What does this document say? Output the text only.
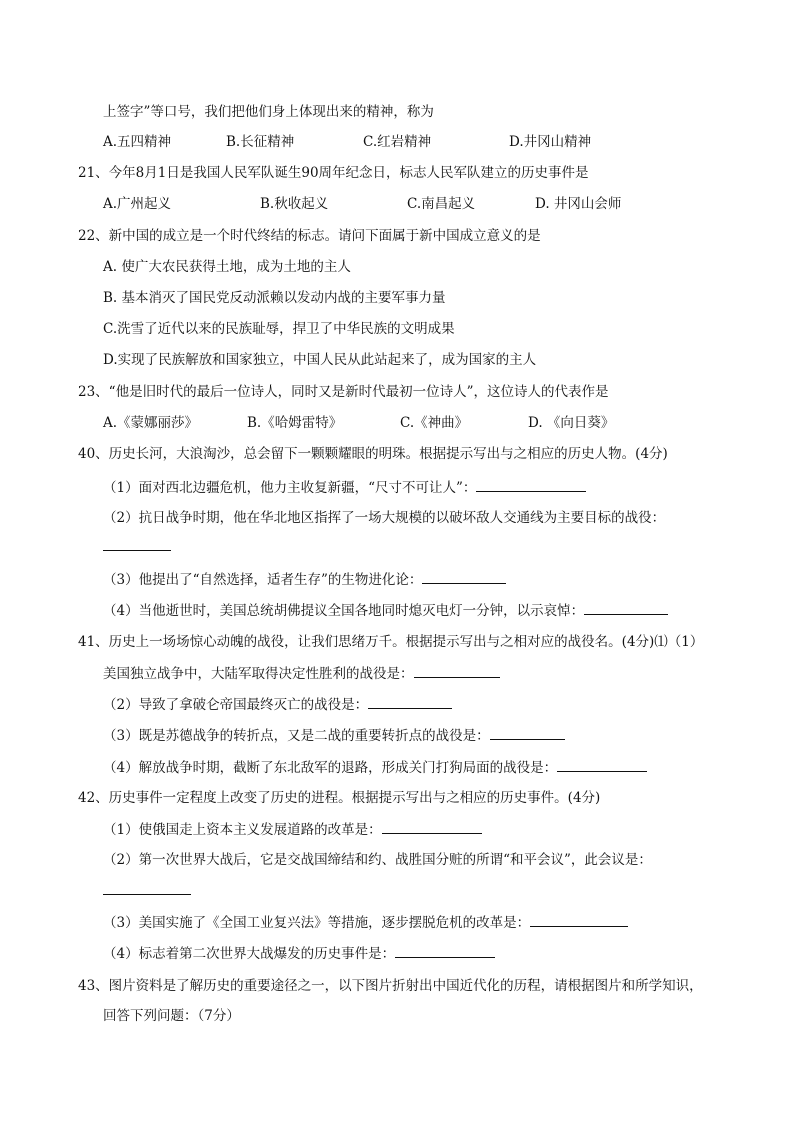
上签字”等口号，我们把他们身上体现出来的精神，称为
A.五四精神	B.长征精神	C.红岩精神	D.井冈山精神
21、今年8月1日是我国人民军队诞生90周年纪念日，标志人民军队建立的历史事件是
A.广州起义	B.秋收起义	C.南昌起义	D. 井冈山会师
22、新中国的成立是一个时代终结的标志。请问下面属于新中国成立意义的是
A. 使广大农民获得土地，成为土地的主人
B. 基本消灭了国民党反动派赖以发动内战的主要军事力量
C.洗雪了近代以来的民族耻辱，捍卫了中华民族的文明成果
D.实现了民族解放和国家独立，中国人民从此站起来了，成为国家的主人
23、“他是旧时代的最后一位诗人，同时又是新时代最初一位诗人”，这位诗人的代表作是
A.《蒙娜丽莎》	B.《哈姆雷特》	C.《神曲》	D. 《向日葵》
40、历史长河，大浪淘沙，总会留下一颗颗耀眼的明珠。根据提示写出与之相应的历史人物。(4分)
（1）面对西北边疆危机，他力主收复新疆，“尺寸不可让人”：
（2）抗日战争时期，他在华北地区指挥了一场大规模的以破坏敌人交通线为主要目标的战役：
（3）他提出了“自然选择，适者生存”的生物进化论：
（4）当他逝世时，美国总统胡佛提议全国各地同时熄灭电灯一分钟，以示哀悼：
41、历史上一场场惊心动魄的战役，让我们思绪万千。根据提示写出与之相对应的战役名。(4分)⑴（1）
美国独立战争中，大陆军取得决定性胜利的战役是：
（2）导致了拿破仑帝国最终灭亡的战役是：
（3）既是苏德战争的转折点，又是二战的重要转折点的战役是：
（4）解放战争时期，截断了东北敌军的退路，形成关门打狗局面的战役是：
42、历史事件一定程度上改变了历史的进程。根据提示写出与之相应的历史事件。(4分)
（1）使俄国走上资本主义发展道路的改革是：
（2）第一次世界大战后，它是交战国缔结和约、战胜国分赃的所谓“和平会议”，此会议是：
（3）美国实施了《全国工业复兴法》等措施，逐步摆脱危机的改革是：
（4）标志着第二次世界大战爆发的历史事件是：
43、图片资料是了解历史的重要途径之一，以下图片折射出中国近代化的历程，请根据图片和所学知识，
回答下列问题：（7分）
